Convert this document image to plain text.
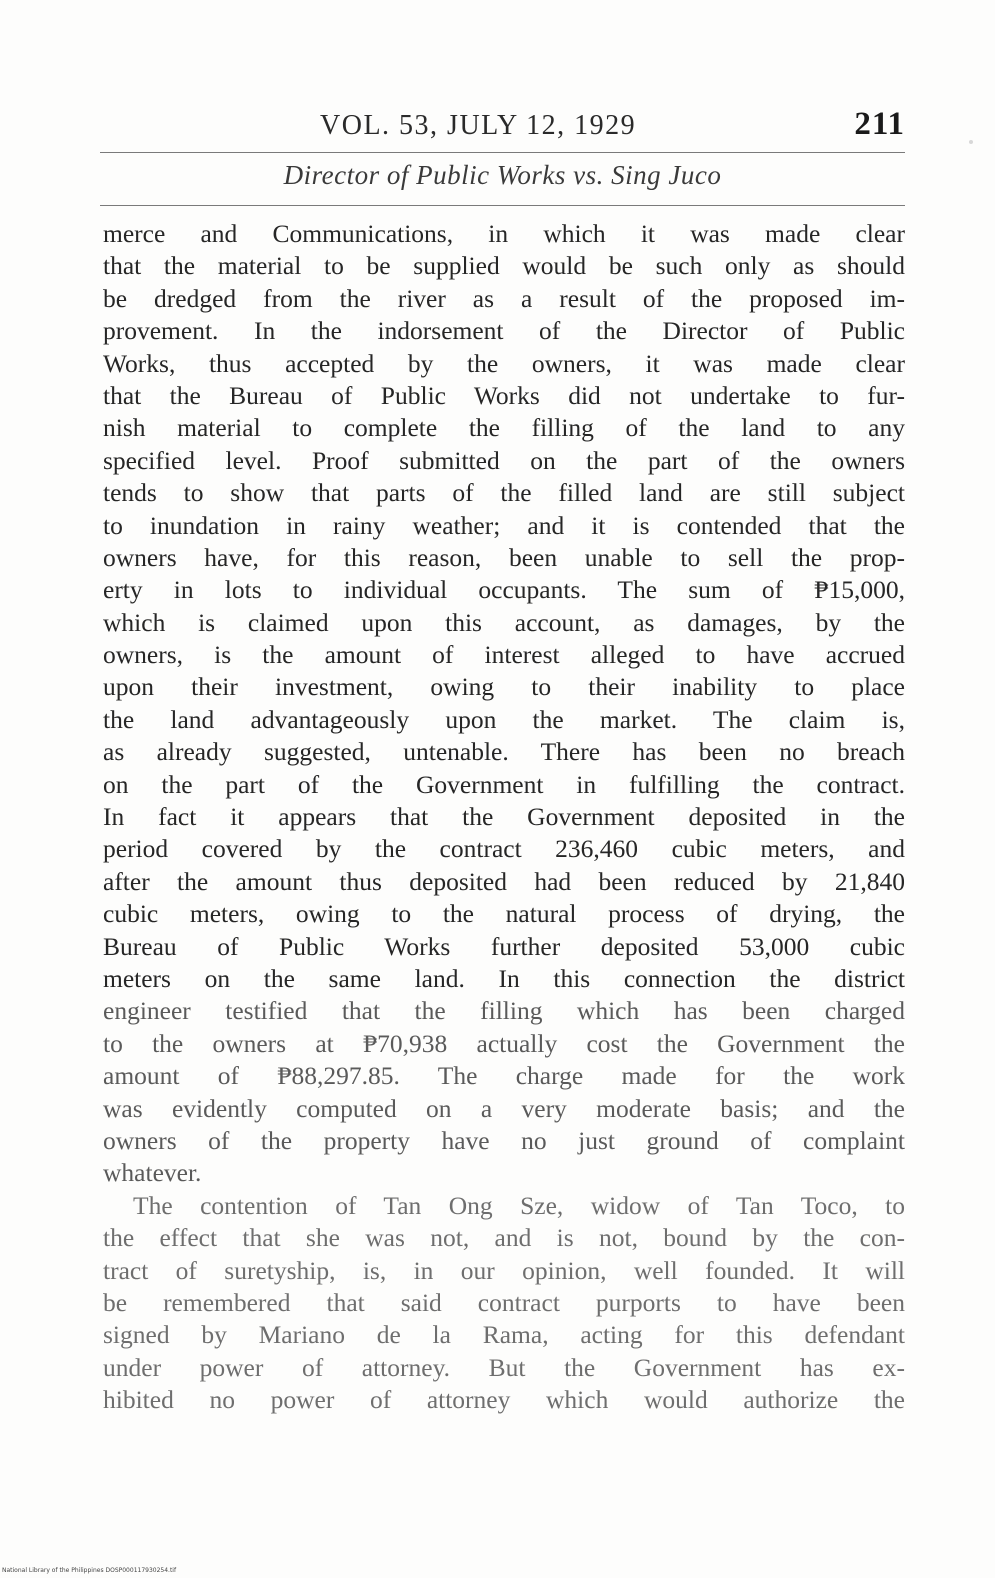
VOL. 53, JULY 12, 1929	211
Director of Public Works vs. Sing Juco
merce and Communications, in which it was made clear
that the material to be supplied would be such only as should
be dredged from the river as a result of the proposed im-
provement. In the indorsement of the Director of Public
Works, thus accepted by the owners, it was made clear
that the Bureau of Public Works did not undertake to fur-
nish material to complete the filling of the land to any
specified level. Proof submitted on the part of the owners
tends to show that parts of the filled land are still subject
to inundation in rainy weather; and it is contended that the
owners have, for this reason, been unable to sell the prop-
erty in lots to individual occupants. The sum of ₱15,000,
which is claimed upon this account, as damages, by the
owners, is the amount of interest alleged to have accrued
upon their investment, owing to their inability to place
the land advantageously upon the market. The claim is,
as already suggested, untenable. There has been no breach
on the part of the Government in fulfilling the contract.
In fact it appears that the Government deposited in the
period covered by the contract 236,460 cubic meters, and
after the amount thus deposited had been reduced by 21,840
cubic meters, owing to the natural process of drying, the
Bureau of Public Works further deposited 53,000 cubic
meters on the same land. In this connection the district
engineer testified that the filling which has been charged
to the owners at ₱70,938 actually cost the Government the
amount of ₱88,297.85. The charge made for the work
was evidently computed on a very moderate basis; and the
owners of the property have no just ground of complaint
whatever.
The contention of Tan Ong Sze, widow of Tan Toco, to
the effect that she was not, and is not, bound by the con-
tract of suretyship, is, in our opinion, well founded. It will
be remembered that said contract purports to have been
signed by Mariano de la Rama, acting for this defendant
under power of attorney. But the Government has ex-
hibited no power of attorney which would authorize the
National Library of the Philippines DOSP000117930254.tif
